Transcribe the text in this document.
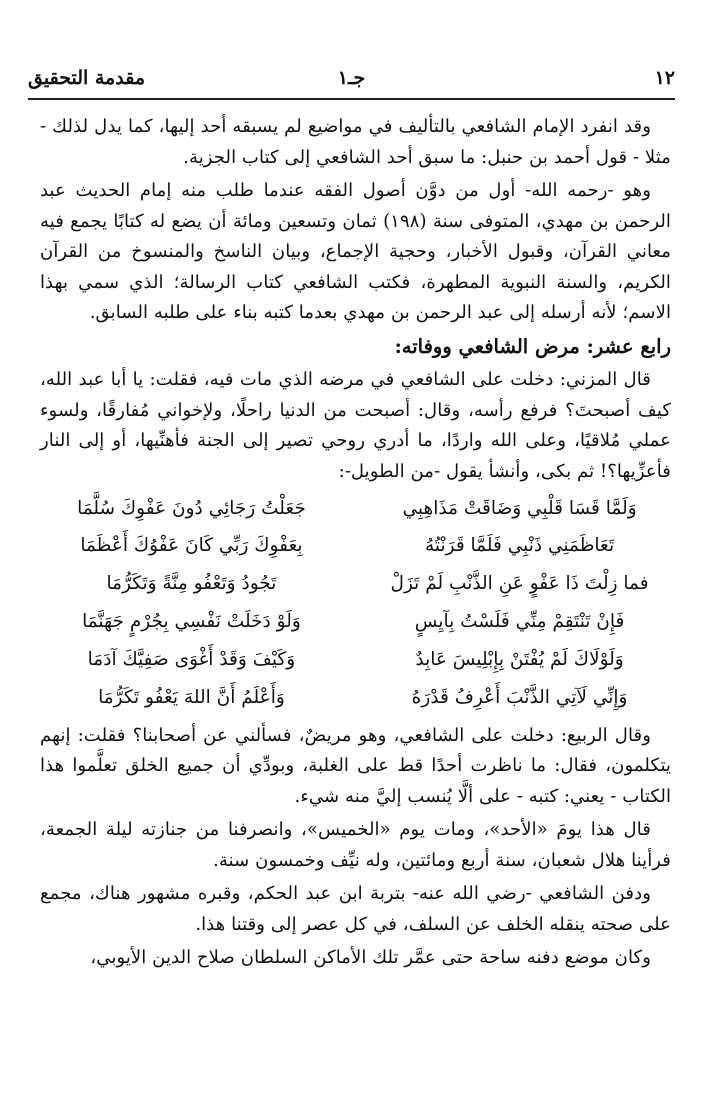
١٢
جـ١
مقدمة التحقيق

وقد انفرد الإمام الشافعي بالتأليف في مواضيع لم يسبقه أحد إليها، كما يدل لذلك - مثلا - قول أحمد بن حنبل: ما سبق أحد الشافعي إلى كتاب الجزية.

وهو -رحمه الله- أول من دوَّن أصول الفقه عندما طلب منه إمام الحديث عبد الرحمن بن مهدي، المتوفى سنة (١٩٨) ثمان وتسعين ومائة أن يضع له كتابًا يجمع فيه معاني القرآن، وقبول الأخبار، وحجية الإجماع، وبيان الناسخ والمنسوخ من القرآن الكريم، والسنة النبوية المطهرة، فكتب الشافعي كتاب الرسالة؛ الذي سمي بهذا الاسم؛ لأنه أرسله إلى عبد الرحمن بن مهدي بعدما كتبه بناء على طلبه السابق.

رابع عشر: مرض الشافعي ووفاته:

قال المزني: دخلت على الشافعي في مرضه الذي مات فيه، فقلت: يا أبا عبد الله، كيف أصبحتَ؟ فرفع رأسه، وقال: أصبحت من الدنيا راحلًا، ولإخواني مُفارقًا، ولسوء عملي مُلاقيًا، وعلى الله واردًا، ما أدري روحي تصير إلى الجنة فأهنِّيها، أو إلى النار فأعزِّيها؟! ثم بكى، وأنشأ يقول -من الطويل-:

وَلَمَّا قَسَا قَلْبِي وَضَاقَتْ مَذَاهِبِي
جَعَلْتُ رَجَائِي دُونَ عَفْوِكَ سُلَّمَا
تَعَاظَمَنِي ذَنْبِي فَلَمَّا قَرَنْتُهُ
بِعَفْوِكَ رَبِّي كَانَ عَفْوُكَ أَعْظَمَا
فما زِلْتَ ذَا عَفْوٍ عَنِ الذَّنْبِ لَمْ تَزَلْ
تَجُودُ وَتَعْفُو مِنَّةً وَتَكَرُّمَا
فَإِنْ تَنْتَقِمْ مِنِّي فَلَسْتُ بِآيِسٍ
وَلَوْ دَخَلَتْ نَفْسِي بِجُرْمٍ جَهَنَّمَا
وَلَوْلَاكَ لَمْ يُفْتَنْ بِإِبْلِيسَ عَابِدٌ
وَكَيْفَ وَقَدْ أَغْوَى صَفِيَّكَ آدَمَا
وَإِنِّي لَآتِي الذَّنْبَ أَعْرِفُ قَدْرَهُ
وَأَعْلَمُ أَنَّ اللهَ يَعْفُو تَكَرُّمَا

وقال الربيع: دخلت على الشافعي، وهو مريضٌ، فسألني عن أصحابنا؟ فقلت: إنهم يتكلمون، فقال: ما ناظرت أحدًا قط على الغلبة، وبودِّي أن جميع الخلق تعلَّموا هذا الكتاب - يعني: كتبه - على ألَّا يُنسب إليَّ منه شيء.

قال هذا يومَ «الأحد»، ومات يوم «الخميس»، وانصرفنا من جنازته ليلة الجمعة، فرأينا هلال شعبان، سنة أربع ومائتين، وله نيِّف وخمسون سنة.

ودفن الشافعي -رضي الله عنه- بتربة ابن عبد الحكم، وقبره مشهور هناك، مجمع على صحته ينقله الخلف عن السلف، في كل عصر إلى وقتنا هذا.

وكان موضع دفنه ساحة حتى عمَّر تلك الأماكن السلطان صلاح الدين الأيوبي،
